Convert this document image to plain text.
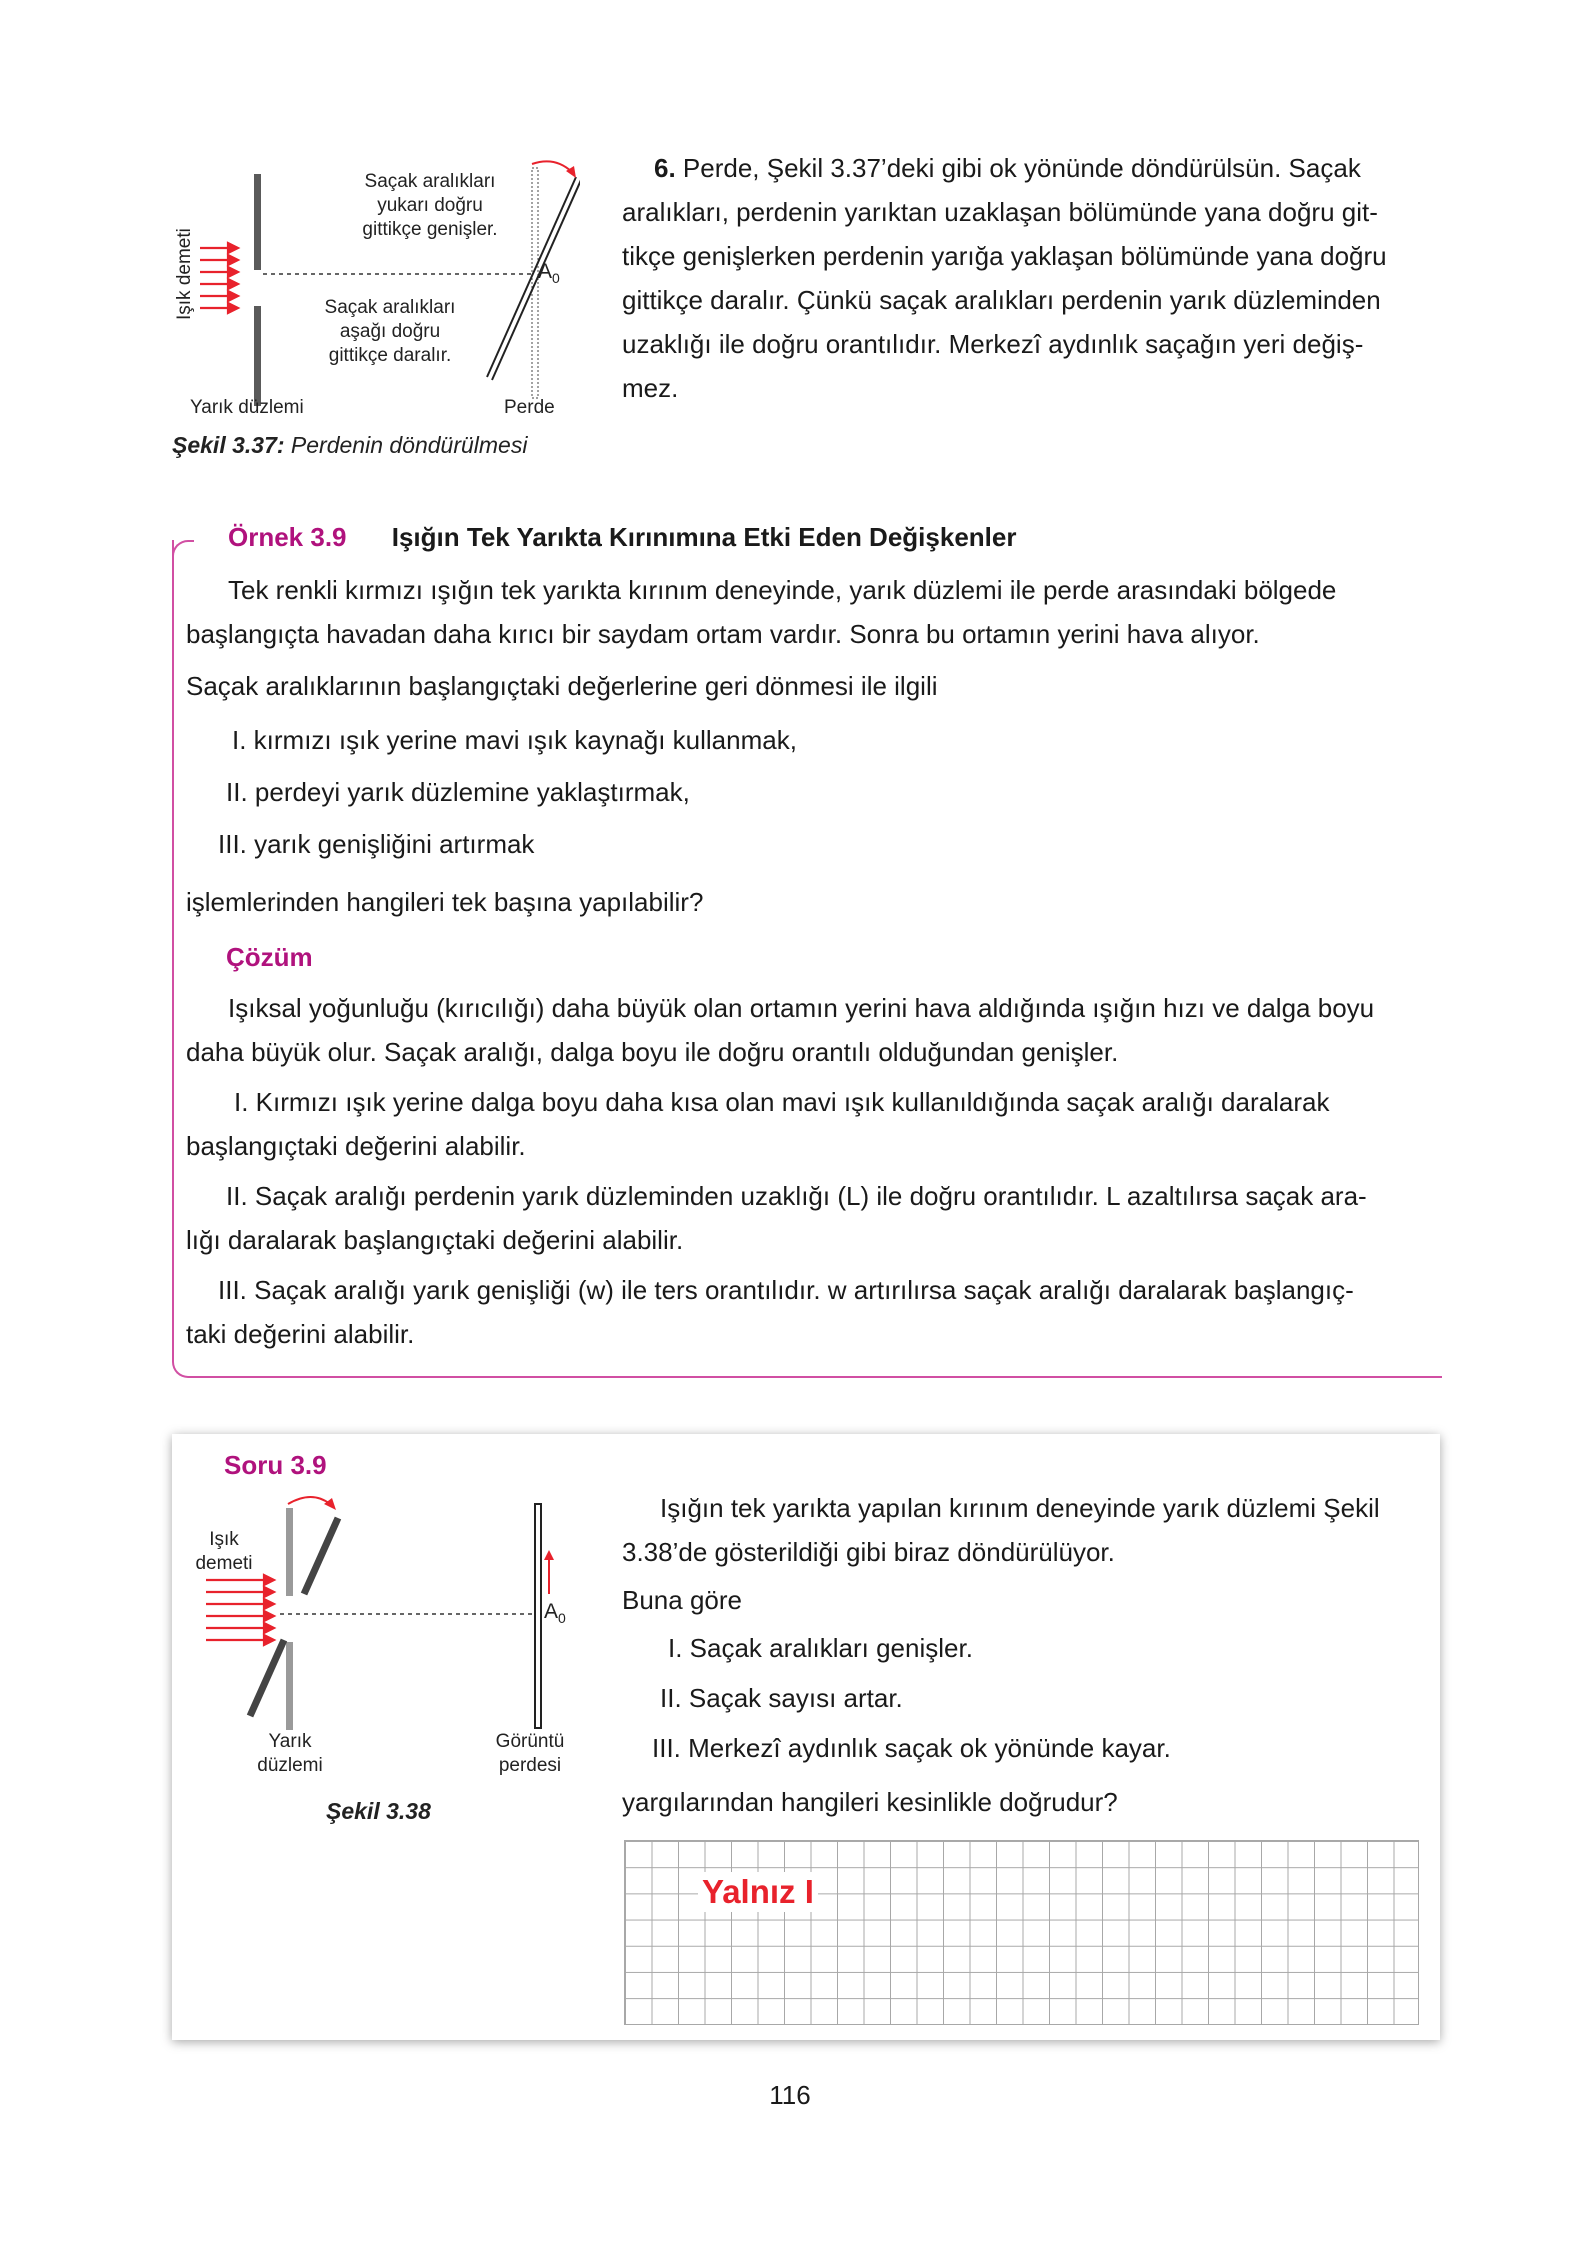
Işık demeti
Saçak aralıkları
yukarı doğru
gittikçe genişler.
Saçak aralıkları
aşağı doğru
gittikçe daralır.
$A_0$
Yarık düzlemi	Perde
Şekil 3.37: Perdenin döndürülmesi
6. Perde, Şekil 3.37’deki gibi ok yönünde döndürülsün. Saçak
aralıkları, perdenin yarıktan uzaklaşan bölümünde yana doğru git-
tikçe genişlerken perdenin yarığa yaklaşan bölümünde yana doğru
gittikçe daralır. Çünkü saçak aralıkları perdenin yarık düzleminden
uzaklığı ile doğru orantılıdır. Merkezî aydınlık saçağın yeri değiş-
mez.
Örnek 3.9 Işığın Tek Yarıkta Kırınımına Etki Eden Değişkenler
Tek renkli kırmızı ışığın tek yarıkta kırınım deneyinde, yarık düzlemi ile perde arasındaki bölgede
başlangıçta havadan daha kırıcı bir saydam ortam vardır. Sonra bu ortamın yerini hava alıyor.
Saçak aralıklarının başlangıçtaki değerlerine geri dönmesi ile ilgili
I. kırmızı ışık yerine mavi ışık kaynağı kullanmak,
II. perdeyi yarık düzlemine yaklaştırmak,
III. yarık genişliğini artırmak
işlemlerinden hangileri tek başına yapılabilir?
Çözüm
Işıksal yoğunluğu (kırıcılığı) daha büyük olan ortamın yerini hava aldığında ışığın hızı ve dalga boyu
daha büyük olur. Saçak aralığı, dalga boyu ile doğru orantılı olduğundan genişler.
I. Kırmızı ışık yerine dalga boyu daha kısa olan mavi ışık kullanıldığında saçak aralığı daralarak
başlangıçtaki değerini alabilir.
II. Saçak aralığı perdenin yarık düzleminden uzaklığı (L) ile doğru orantılıdır. L azaltılırsa saçak ara-
lığı daralarak başlangıçtaki değerini alabilir.
III. Saçak aralığı yarık genişliği (w) ile ters orantılıdır. w artırılırsa saçak aralığı daralarak başlangıç-
taki değerini alabilir.
Soru 3.9
Işık
demeti
$A_0$
Yarık
düzlemi
Görüntü
perdesi
Şekil 3.38
Işığın tek yarıkta yapılan kırınım deneyinde yarık düzlemi Şekil
3.38’de gösterildiği gibi biraz döndürülüyor.
Buna göre
I. Saçak aralıkları genişler.
II. Saçak sayısı artar.
III. Merkezî aydınlık saçak ok yönünde kayar.
yargılarından hangileri kesinlikle doğrudur?
Yalnız I
116
